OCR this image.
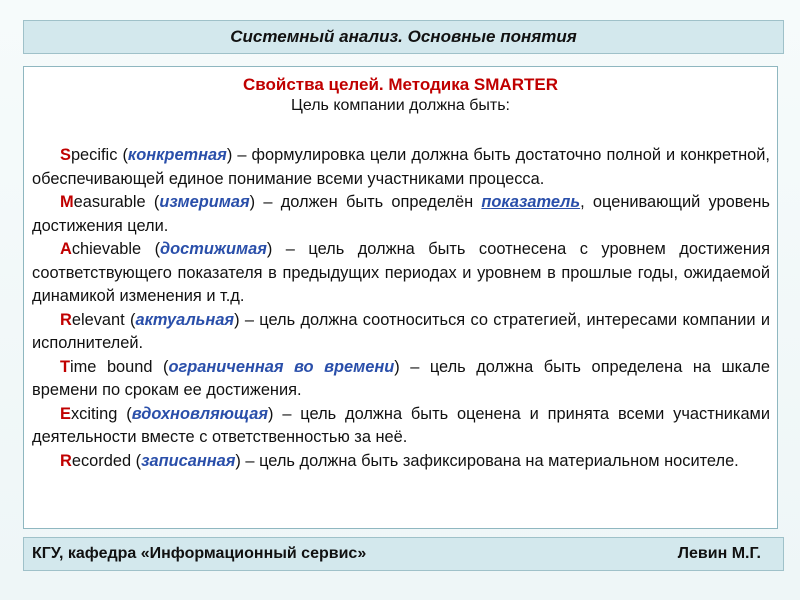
Системный анализ. Основные понятия
Свойства целей. Методика SMARTER
Цель компании должна быть:

Specific (конкретная) – формулировка цели должна быть достаточно полной и конкретной, обеспечивающей единое понимание всеми участниками процесса.

Measurable (измеримая) – должен быть определён показатель, оценивающий уровень достижения цели.

Achievable (достижимая) – цель должна быть соотнесена с уровнем достижения соответствующего показателя в предыдущих периодах и уровнем в прошлые годы, ожидаемой динамикой изменения и т.д.

Relevant (актуальная) – цель должна соотноситься со стратегией, интересами компании и исполнителей.

Time bound (ограниченная во времени) – цель должна быть определена на шкале времени по срокам ее достижения.

Exciting (вдохновляющая) – цель должна быть оценена и принята всеми участниками деятельности вместе с ответственностью за неё.

Recorded (записанная) – цель должна быть зафиксирована на материальном носителе.

КГУ, кафедра «Информационный сервис»	Левин М.Г.
